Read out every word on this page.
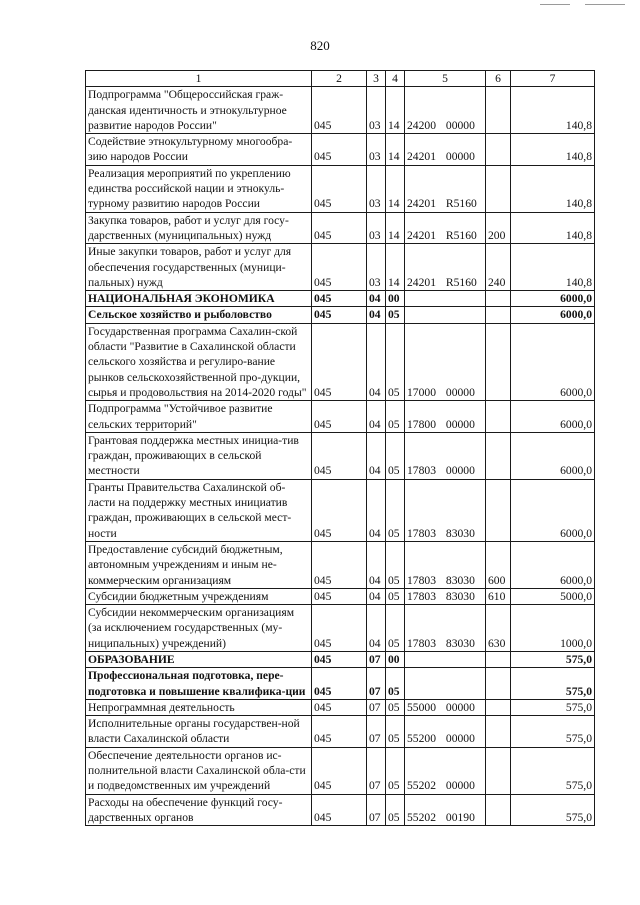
820
1	2	3	4	5	6	7
Подпрограмма "Общероссийская граж-данская идентичность и этнокультурное развитие народов России"	045	03	14	24200 00000		140,8
Содействие этнокультурному многообра-зию народов России	045	03	14	24201 00000		140,8
Реализация мероприятий по укреплению единства российской нации и этнокуль-турному развитию народов России	045	03	14	24201 R5160		140,8
Закупка товаров, работ и услуг для госу-дарственных (муниципальных) нужд	045	03	14	24201 R5160	200	140,8
Иные закупки товаров, работ и услуг для обеспечения государственных (муници-пальных) нужд	045	03	14	24201 R5160	240	140,8
НАЦИОНАЛЬНАЯ ЭКОНОМИКА	045	04	00			6000,0
Сельское хозяйство и рыболовство	045	04	05			6000,0
Государственная программа Сахалин-ской области "Развитие в Сахалинской области сельского хозяйства и регулиро-вание рынков сельскохозяйственной про-дукции, сырья и продовольствия на 2014-2020 годы"	045	04	05	17000 00000		6000,0
Подпрограмма "Устойчивое развитие сельских территорий"	045	04	05	17800 00000		6000,0
Грантовая поддержка местных инициа-тив граждан, проживающих в сельской местности	045	04	05	17803 00000		6000,0
Гранты Правительства Сахалинской об-ласти на поддержку местных инициатив граждан, проживающих в сельской мест-ности	045	04	05	17803 83030		6000,0
Предоставление субсидий бюджетным, автономным учреждениям и иным не-коммерческим организациям	045	04	05	17803 83030	600	6000,0
Субсидии бюджетным учреждениям	045	04	05	17803 83030	610	5000,0
Субсидии некоммерческим организациям (за исключением государственных (му-ниципальных) учреждений)	045	04	05	17803 83030	630	1000,0
ОБРАЗОВАНИЕ	045	07	00			575,0
Профессиональная подготовка, пере-подготовка и повышение квалифика-ции	045	07	05			575,0
Непрограммная деятельность	045	07	05	55000 00000		575,0
Исполнительные органы государствен-ной власти Сахалинской области	045	07	05	55200 00000		575,0
Обеспечение деятельности органов ис-полнительной власти Сахалинской обла-сти и подведомственных им учреждений	045	07	05	55202 00000		575,0
Расходы на обеспечение функций госу-дарственных органов	045	07	05	55202 00190		575,0
